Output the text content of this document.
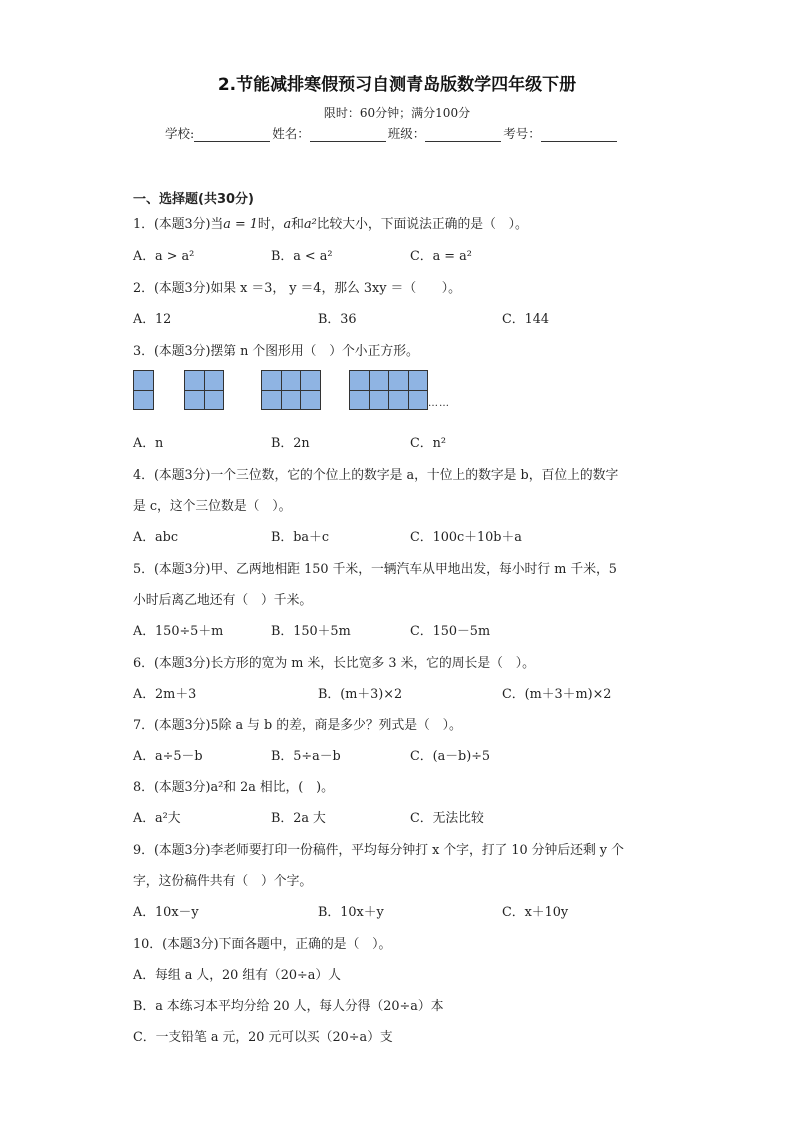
2.节能减排寒假预习自测青岛版数学四年级下册
限时：60分钟；满分100分
学校:	姓名：	班级：	考号：
一、选择题(共30分)
1．(本题3分)当a = 1时，a和a²比较大小，下面说法正确的是（　）。
A．a > a²	B．a < a²	C．a = a²
2．(本题3分)如果 x ＝3， y ＝4，那么 3xy ＝（　　）。
A．12	B．36	C．144
3．(本题3分)摆第 n 个图形用（　）个小正方形。
……
A．n	B．2n	C．n²
4．(本题3分)一个三位数，它的个位上的数字是 a，十位上的数字是 b，百位上的数字
是 c，这个三位数是（　）。
A．abc	B．ba＋c	C．100c＋10b＋a
5．(本题3分)甲、乙两地相距 150 千米，一辆汽车从甲地出发，每小时行 m 千米，5
小时后离乙地还有（　）千米。
A．150÷5＋m	B．150＋5m	C．150－5m
6．(本题3分)长方形的宽为 m 米，长比宽多 3 米，它的周长是（　）。
A．2m＋3	B．(m＋3)×2	C．(m＋3＋m)×2
7．(本题3分)5除 a 与 b 的差，商是多少？列式是（　）。
A．a÷5－b	B．5÷a－b	C．(a－b)÷5
8．(本题3分)a²和 2a 相比，(　)。
A．a²大	B．2a 大	C．无法比较
9．(本题3分)李老师要打印一份稿件，平均每分钟打 x 个字，打了 10 分钟后还剩 y 个
字，这份稿件共有（　）个字。
A．10x－y	B．10x＋y	C．x＋10y
10．(本题3分)下面各题中，正确的是（　）。
A．每组 a 人，20 组有（20÷a）人
B．a 本练习本平均分给 20 人，每人分得（20÷a）本
C．一支铅笔 a 元，20 元可以买（20÷a）支
